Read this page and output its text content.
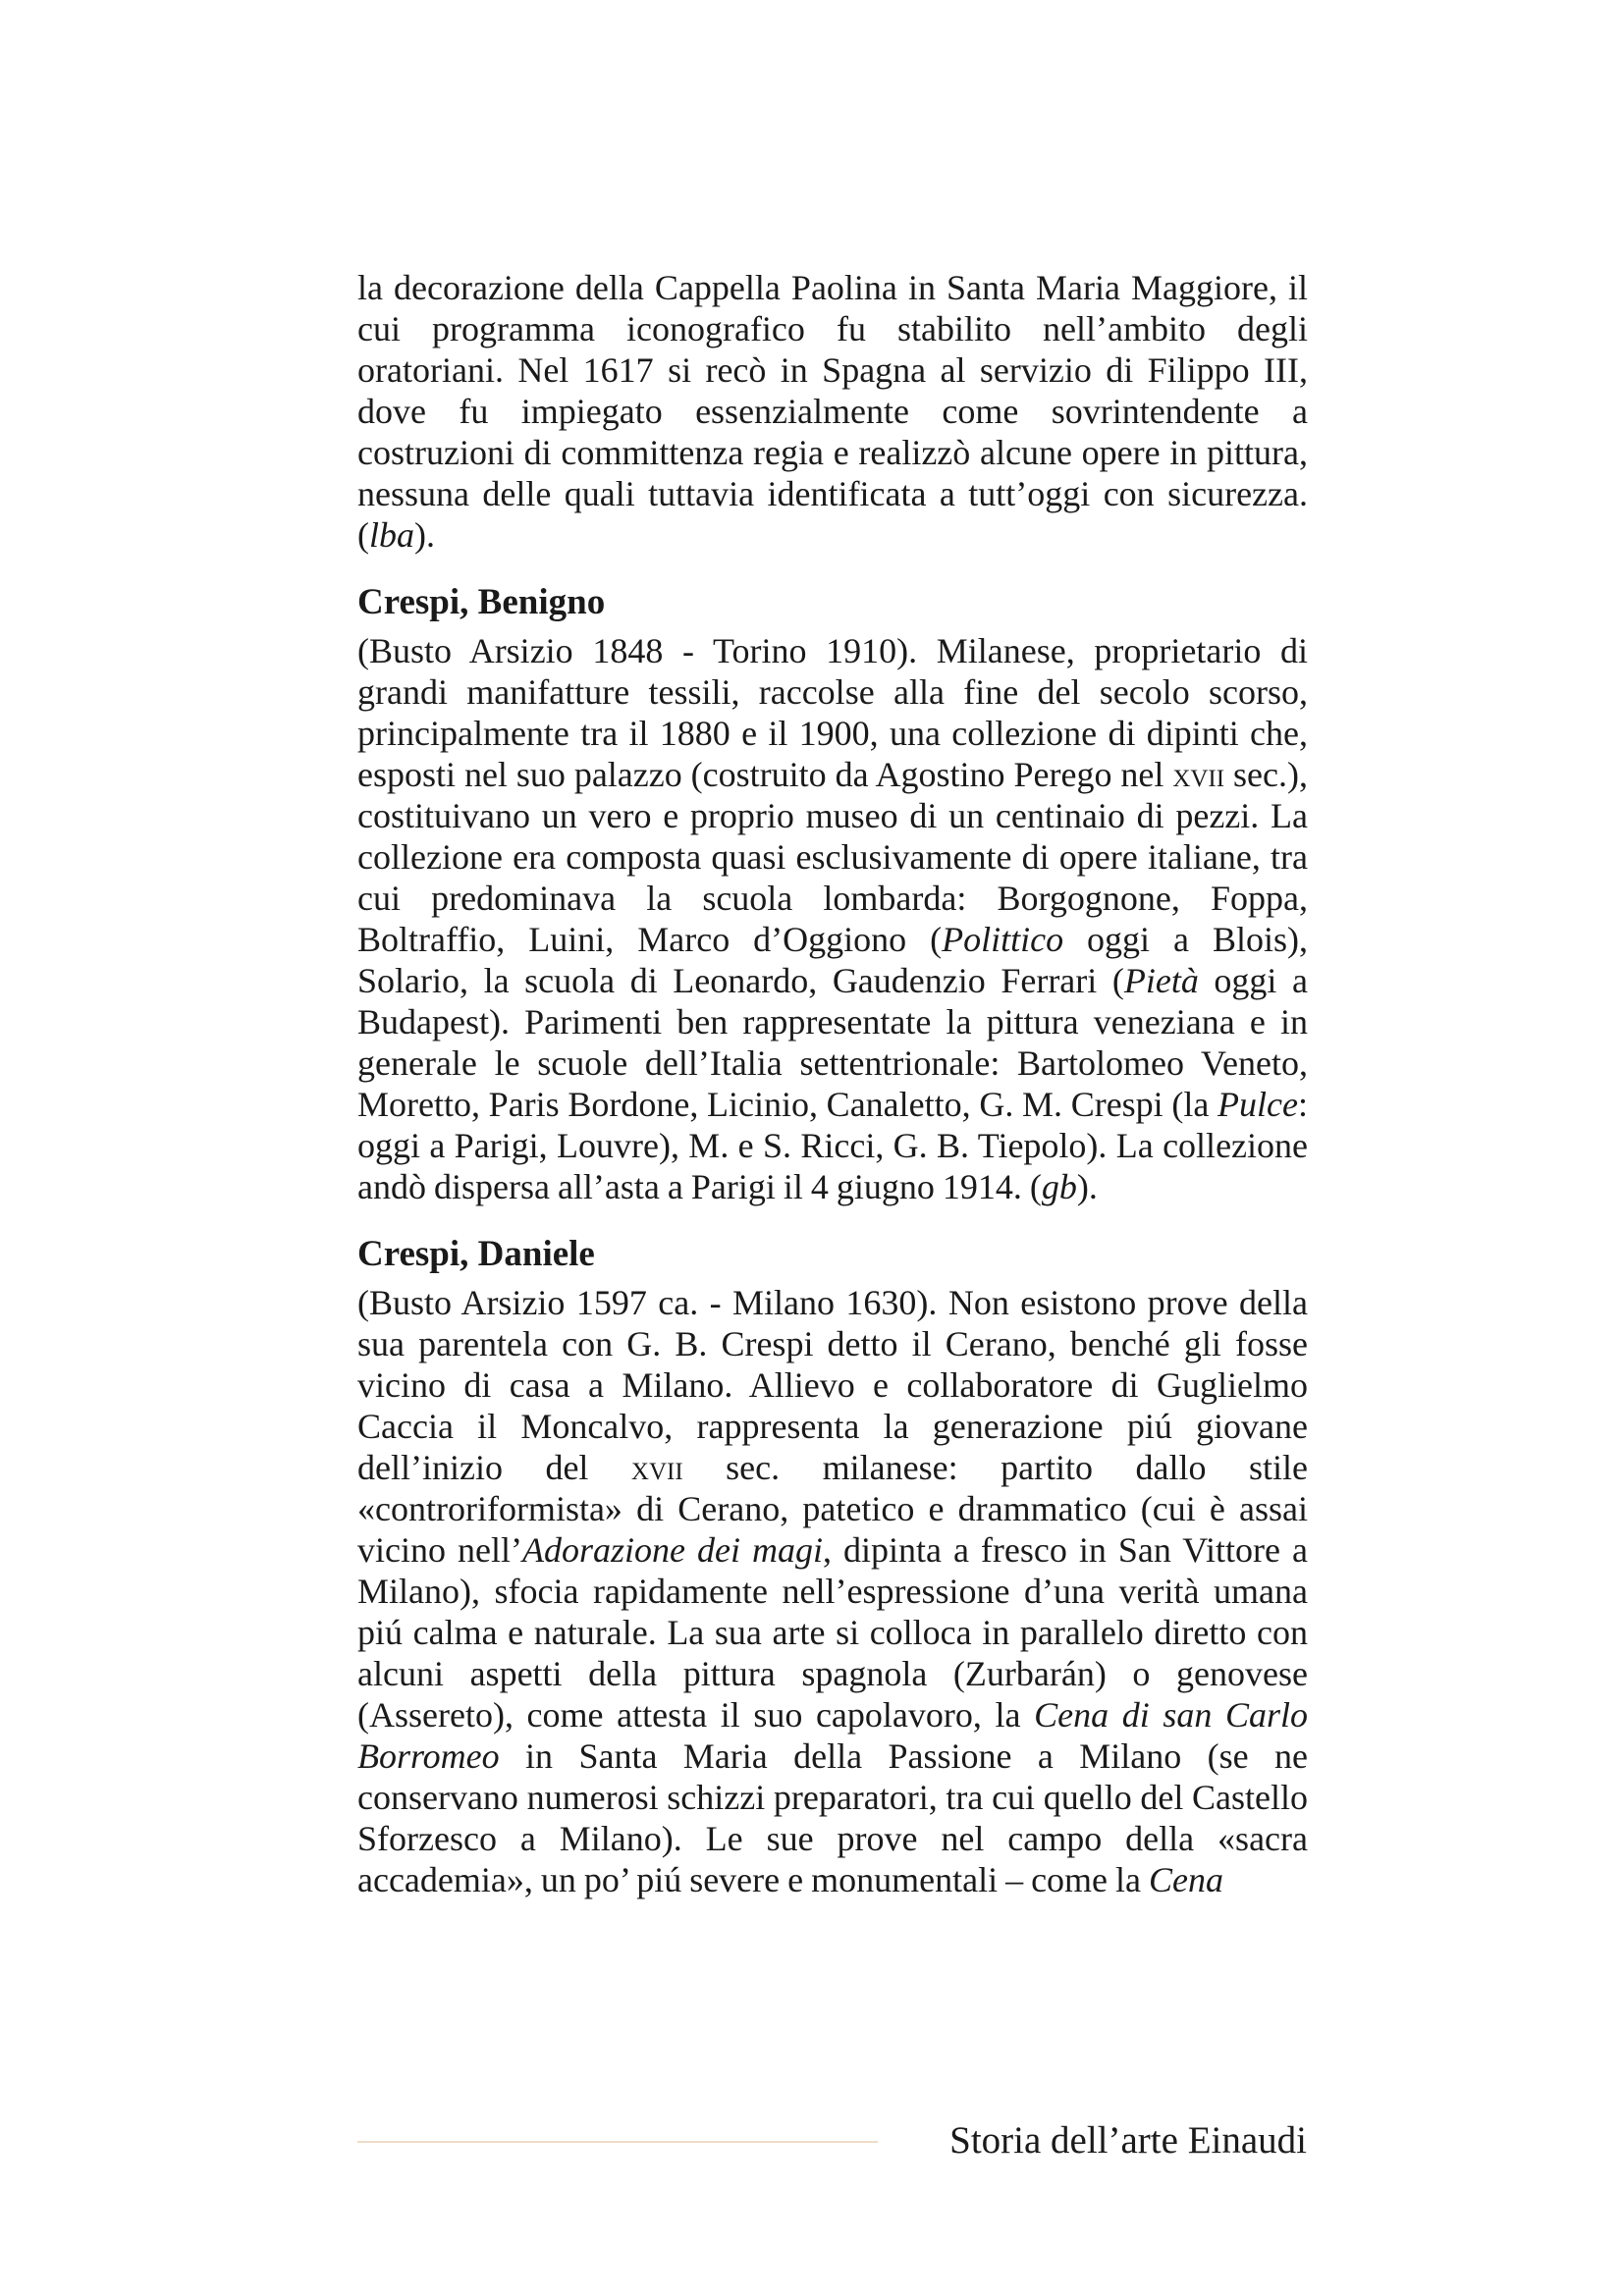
la decorazione della Cappella Paolina in Santa Maria Maggiore, il cui programma iconografico fu stabilito nell’ambito degli oratoriani. Nel 1617 si recò in Spagna al servizio di Filippo III, dove fu impiegato essenzialmente come sovrintendente a costruzioni di committenza regia e realizzò alcune opere in pittura, nessuna delle quali tuttavia identificata a tutt’oggi con sicurezza. (lba).

Crespi, Benigno

(Busto Arsizio 1848 - Torino 1910). Milanese, proprietario di grandi manifatture tessili, raccolse alla fine del secolo scorso, principalmente tra il 1880 e il 1900, una collezione di dipinti che, esposti nel suo palazzo (costruito da Agostino Perego nel xvii sec.), costituivano un vero e proprio museo di un centinaio di pezzi. La collezione era composta quasi esclusivamente di opere italiane, tra cui predominava la scuola lombarda: Borgognone, Foppa, Boltraffio, Luini, Marco d’Oggiono (Polittico oggi a Blois), Solario, la scuola di Leonardo, Gaudenzio Ferrari (Pietà oggi a Budapest). Parimenti ben rappresentate la pittura veneziana e in generale le scuole dell’Italia settentrionale: Bartolomeo Veneto, Moretto, Paris Bordone, Licinio, Canaletto, G. M. Crespi (la Pulce: oggi a Parigi, Louvre), M. e S. Ricci, G. B. Tiepolo). La collezione andò dispersa all’asta a Parigi il 4 giugno 1914. (gb).

Crespi, Daniele

(Busto Arsizio 1597 ca. - Milano 1630). Non esistono prove della sua parentela con G. B. Crespi detto il Cerano, benché gli fosse vicino di casa a Milano. Allievo e collaboratore di Guglielmo Caccia il Moncalvo, rappresenta la generazione piú giovane dell’inizio del xvii sec. milanese: partito dallo stile «controriformista» di Cerano, patetico e drammatico (cui è assai vicino nell’Adorazione dei magi, dipinta a fresco in San Vittore a Milano), sfocia rapidamente nell’espressione d’una verità umana piú calma e naturale. La sua arte si colloca in parallelo diretto con alcuni aspetti della pittura spagnola (Zurbarán) o genovese (Assereto), come attesta il suo capolavoro, la Cena di san Carlo Borromeo in Santa Maria della Passione a Milano (se ne conservano numerosi schizzi preparatori, tra cui quello del Castello Sforzesco a Milano). Le sue prove nel campo della «sacra accademia», un po’ piú severe e monumentali – come la Cena

Storia dell’arte Einaudi
